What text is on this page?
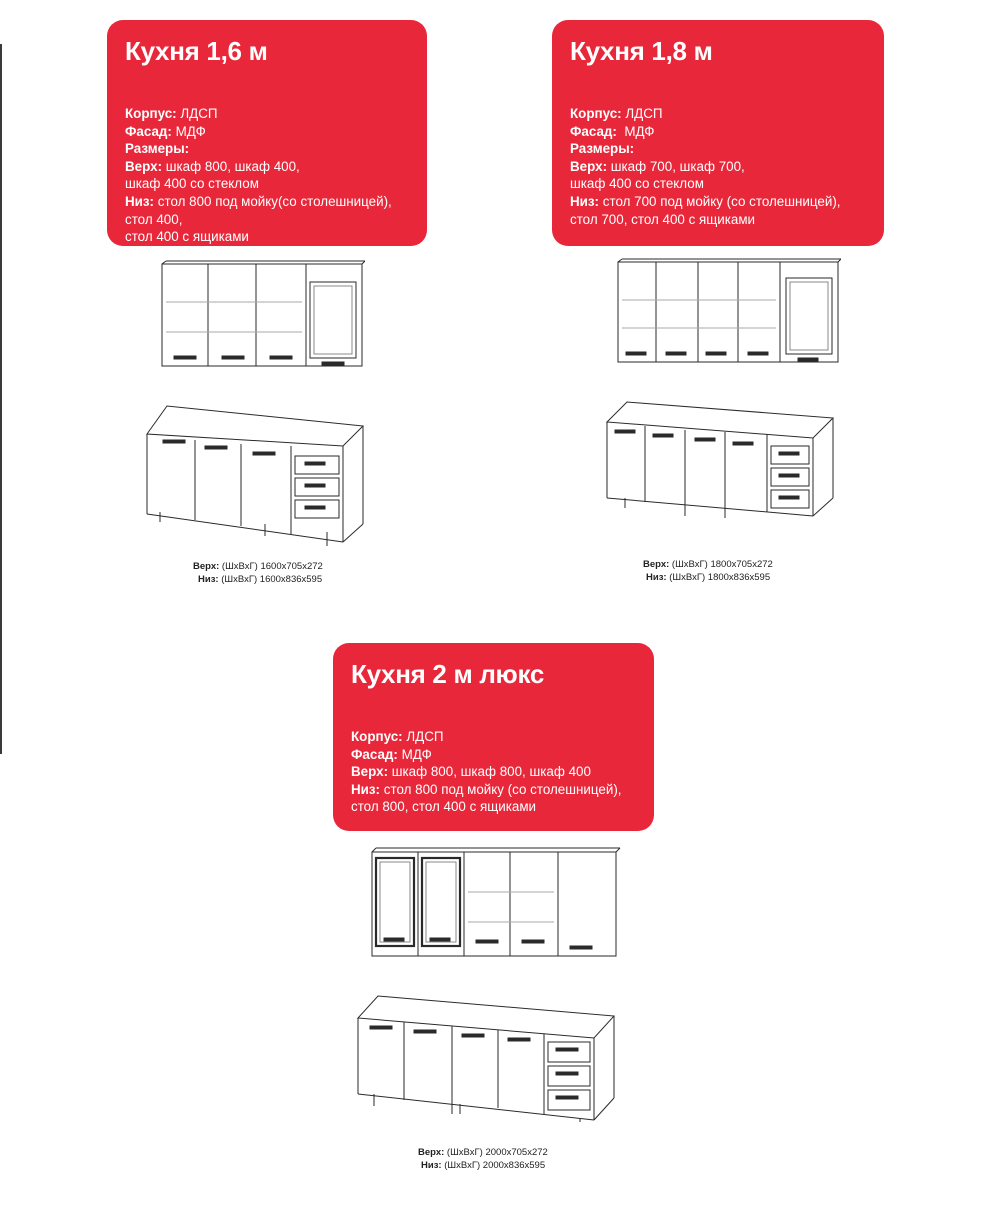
Кухня 1,6 м
Корпус: ЛДСП
Фасад: МДФ
Размеры:
Верх: шкаф 800, шкаф 400,
шкаф 400 со стеклом
Низ: стол 800 под мойку(со столешницей),
стол 400,
стол 400 с ящиками
Кухня 1,8 м
Корпус: ЛДСП
Фасад: МДФ
Размеры:
Верх: шкаф 700, шкаф 700,
шкаф 400 со стеклом
Низ: стол 700 под мойку (со столешницей),
стол 700, стол 400 с ящиками
Кухня 2 м люкс
Корпус: ЛДСП
Фасад: МДФ
Верх: шкаф 800, шкаф 800, шкаф 400
Низ: стол 800 под мойку (со столешницей),
стол 800, стол 400 с ящиками
Верх: (ШхВхГ) 1600х705х272
Низ: (ШхВхГ) 1600х836х595
Верх: (ШхВхГ) 1800х705х272
Низ: (ШхВхГ) 1800х836х595
Верх: (ШхВхГ) 2000х705х272
Низ: (ШхВхГ) 2000х836х595
